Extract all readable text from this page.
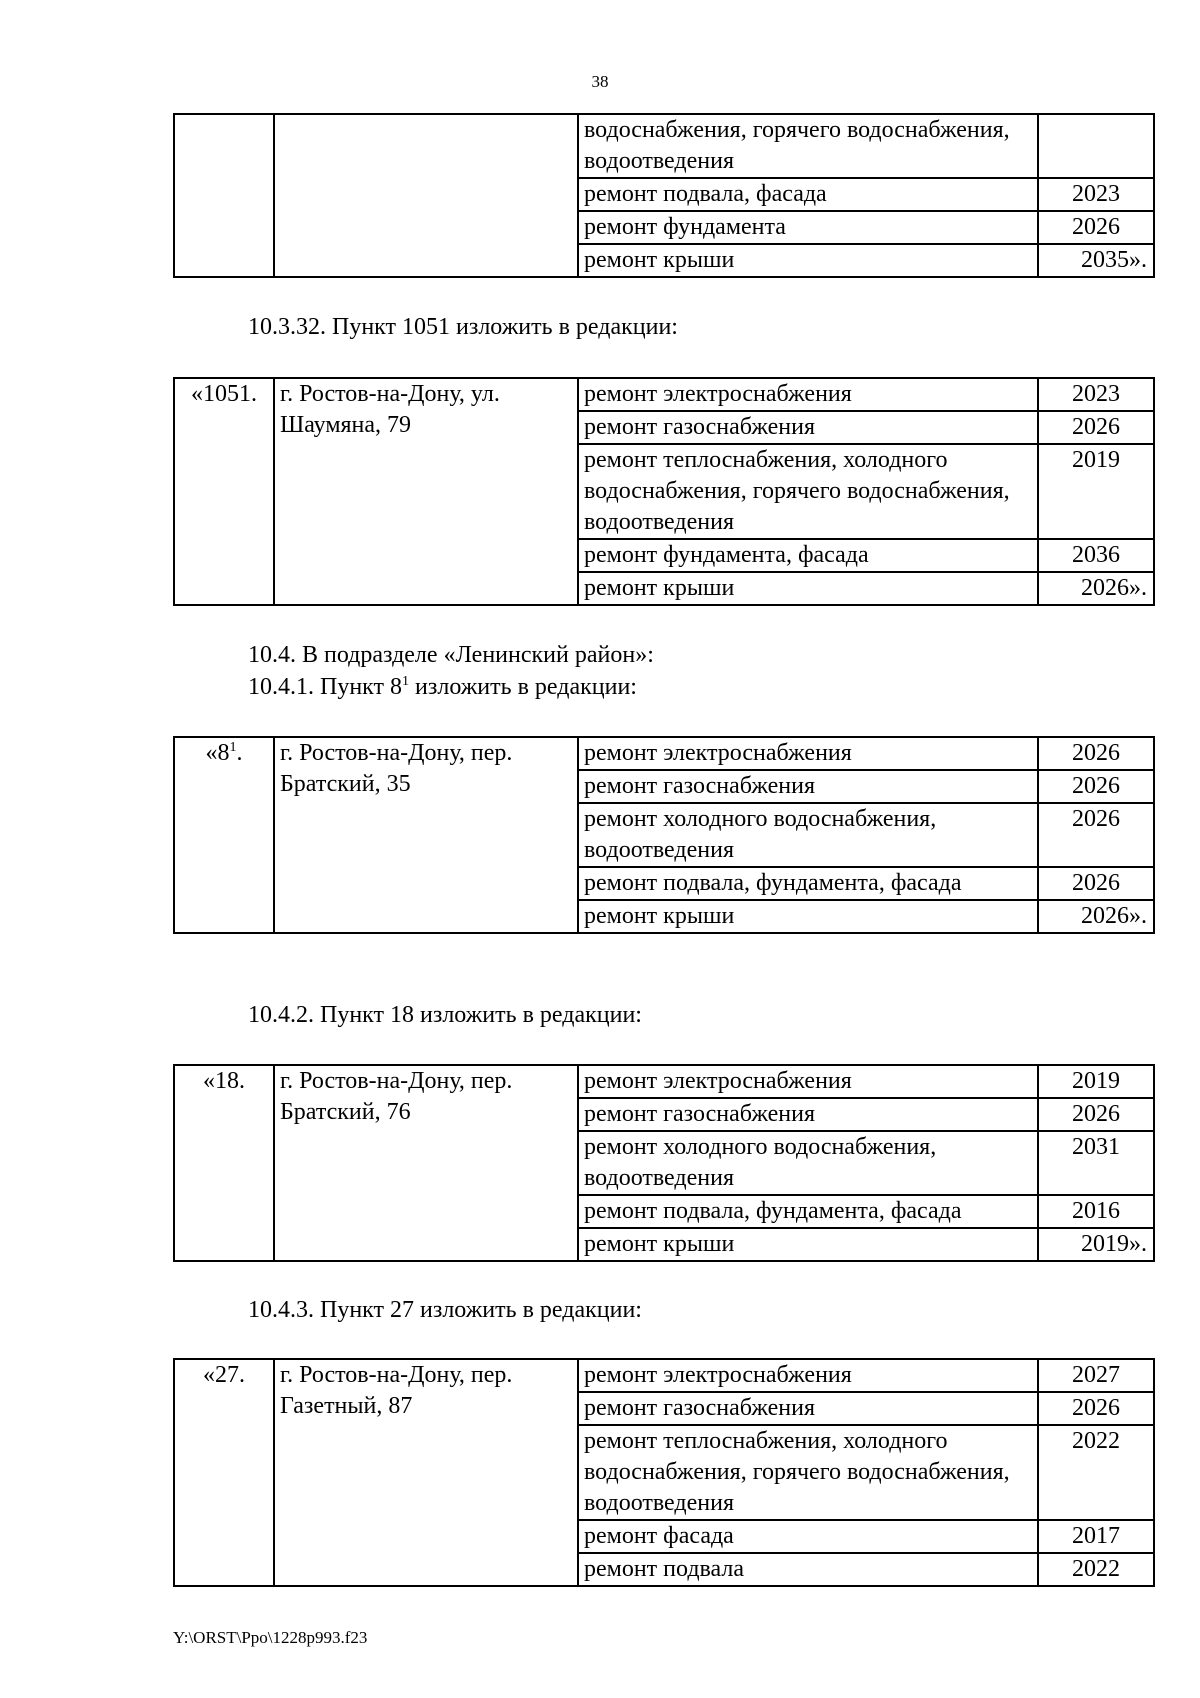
38
		водоснабжения, горячего водоснабжения, водоотведения	
		ремонт подвала, фасада	2023
		ремонт фундамента	2026
		ремонт крыши	2035».
10.3.32. Пункт 1051 изложить в редакции:
«1051.	г. Ростов-на-Дону, ул. Шаумяна, 79	ремонт электроснабжения	2023
		ремонт газоснабжения	2026
		ремонт теплоснабжения, холодного водоснабжения, горячего водоснабжения, водоотведения	2019
		ремонт фундамента, фасада	2036
		ремонт крыши	2026».
10.4. В подразделе «Ленинский район»:
10.4.1. Пункт $8^1$ изложить в редакции:
«$8^1$.	г. Ростов-на-Дону, пер. Братский, 35	ремонт электроснабжения	2026
		ремонт газоснабжения	2026
		ремонт холодного водоснабжения, водоотведения	2026
		ремонт подвала, фундамента, фасада	2026
		ремонт крыши	2026».
10.4.2. Пункт 18 изложить в редакции:
«18.	г. Ростов-на-Дону, пер. Братский, 76	ремонт электроснабжения	2019
		ремонт газоснабжения	2026
		ремонт холодного водоснабжения, водоотведения	2031
		ремонт подвала, фундамента, фасада	2016
		ремонт крыши	2019».
10.4.3. Пункт 27 изложить в редакции:
«27.	г. Ростов-на-Дону, пер. Газетный, 87	ремонт электроснабжения	2027
		ремонт газоснабжения	2026
		ремонт теплоснабжения, холодного водоснабжения, горячего водоснабжения, водоотведения	2022
		ремонт фасада	2017
		ремонт подвала	2022
Y:\ORST\Ppo\1228p993.f23
